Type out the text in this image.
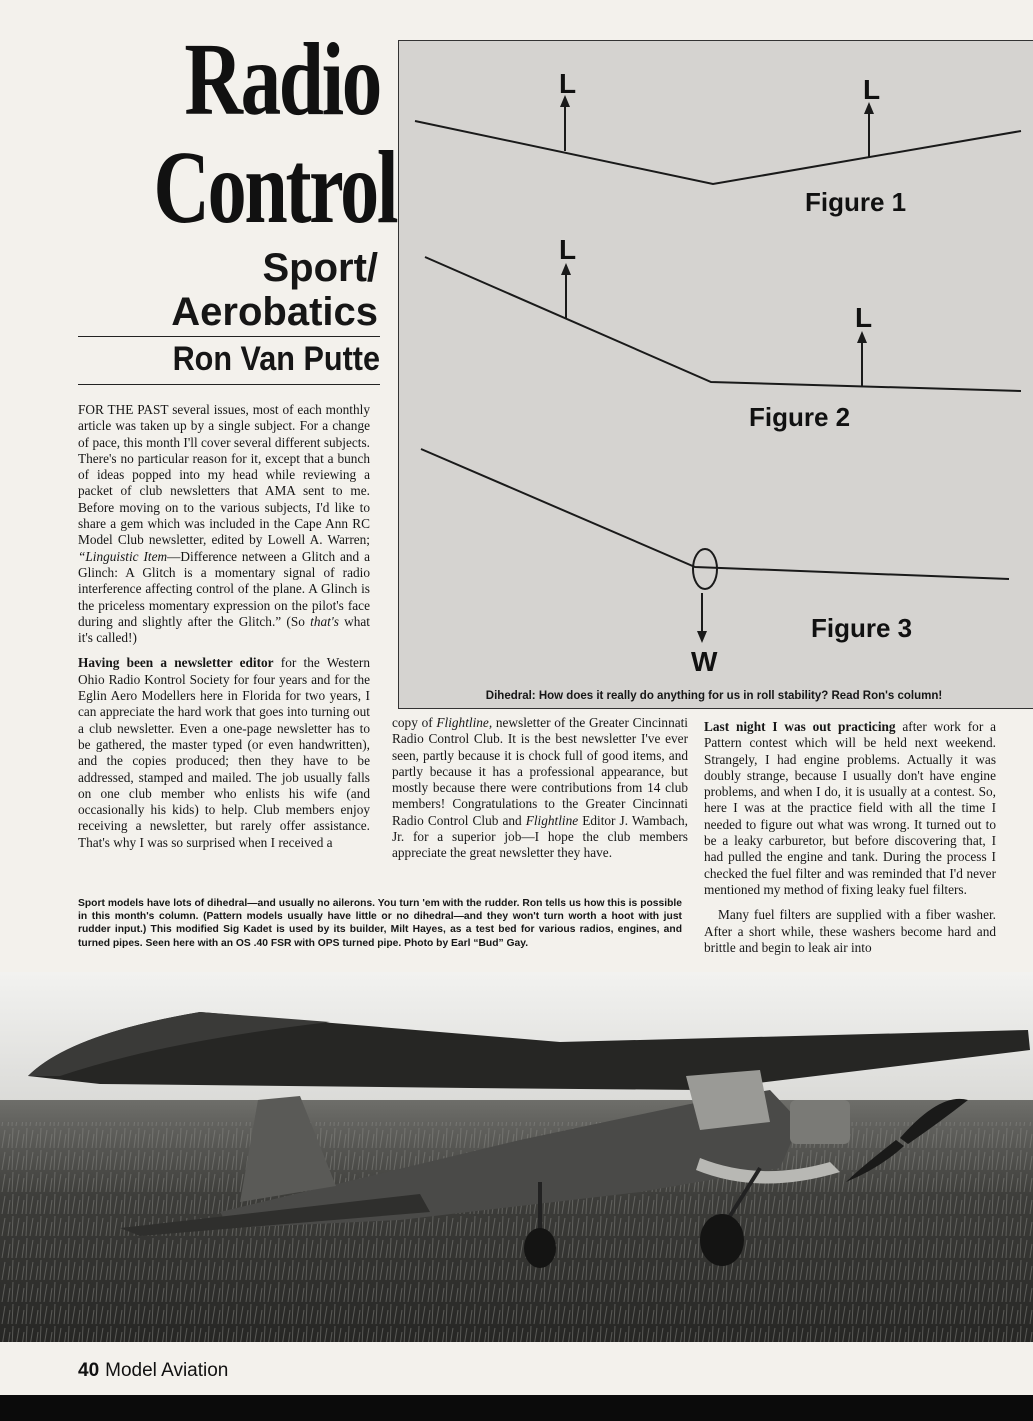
Radio
Control
Sport/
Aerobatics
Ron Van Putte

FOR THE PAST several issues, most of each monthly article was taken up by a single subject. For a change of pace, this month I'll cover several different subjects. There's no particular reason for it, except that a bunch of ideas popped into my head while reviewing a packet of club newsletters that AMA sent to me. Before moving on to the various subjects, I'd like to share a gem which was included in the Cape Ann RC Model Club newsletter, edited by Lowell A. Warren; “Linguistic Item—Difference netween a Glitch and a Glinch: A Glitch is a momentary signal of radio interference affecting control of the plane. A Glinch is the priceless momentary expression on the pilot's face during and slightly after the Glitch.” (So that's what it's called!)

Having been a newsletter editor for the Western Ohio Radio Kontrol Society for four years and for the Eglin Aero Modellers here in Florida for two years, I can appreciate the hard work that goes into turning out a club newsletter. Even a one-page newsletter has to be gathered, the master typed (or even handwritten), and the copies produced; then they have to be addressed, stamped and mailed. The job usually falls on one club member who enlists his wife (and occasionally his kids) to help. Club members enjoy receiving a newsletter, but rarely offer assistance. That's why I was so surprised when I received a

L	L
L
L
W
Figure 1
Figure 2
Figure 3
Dihedral: How does it really do anything for us in roll stability? Read Ron's column!

copy of Flightline, newsletter of the Greater Cincinnati Radio Control Club. It is the best newsletter I've ever seen, partly because it is chock full of good items, and partly because it has a professional appearance, but mostly because there were contributions from 14 club members! Congratulations to the Greater Cincinnati Radio Control Club and Flightline Editor J. Wambach, Jr. for a superior job—I hope the club members appreciate the great newsletter they have.

Last night I was out practicing after work for a Pattern contest which will be held next weekend. Strangely, I had engine problems. Actually it was doubly strange, because I usually don't have engine problems, and when I do, it is usually at a contest. So, here I was at the practice field with all the time I needed to figure out what was wrong. It turned out to be a leaky carburetor, but before discovering that, I had pulled the engine and tank. During the process I checked the fuel filter and was reminded that I'd never mentioned my method of fixing leaky fuel filters.

Many fuel filters are supplied with a fiber washer. After a short while, these washers become hard and brittle and begin to leak air into

Sport models have lots of dihedral—and usually no ailerons. You turn 'em with the rudder. Ron tells us how this is possible in this month's column. (Pattern models usually have little or no dihedral—and they won't turn worth a hoot with just rudder input.) This modified Sig Kadet is used by its builder, Milt Hayes, as a test bed for various radios, engines, and turned pipes. Seen here with an OS .40 FSR with OPS turned pipe. Photo by Earl “Bud” Gay.

40 Model Aviation
